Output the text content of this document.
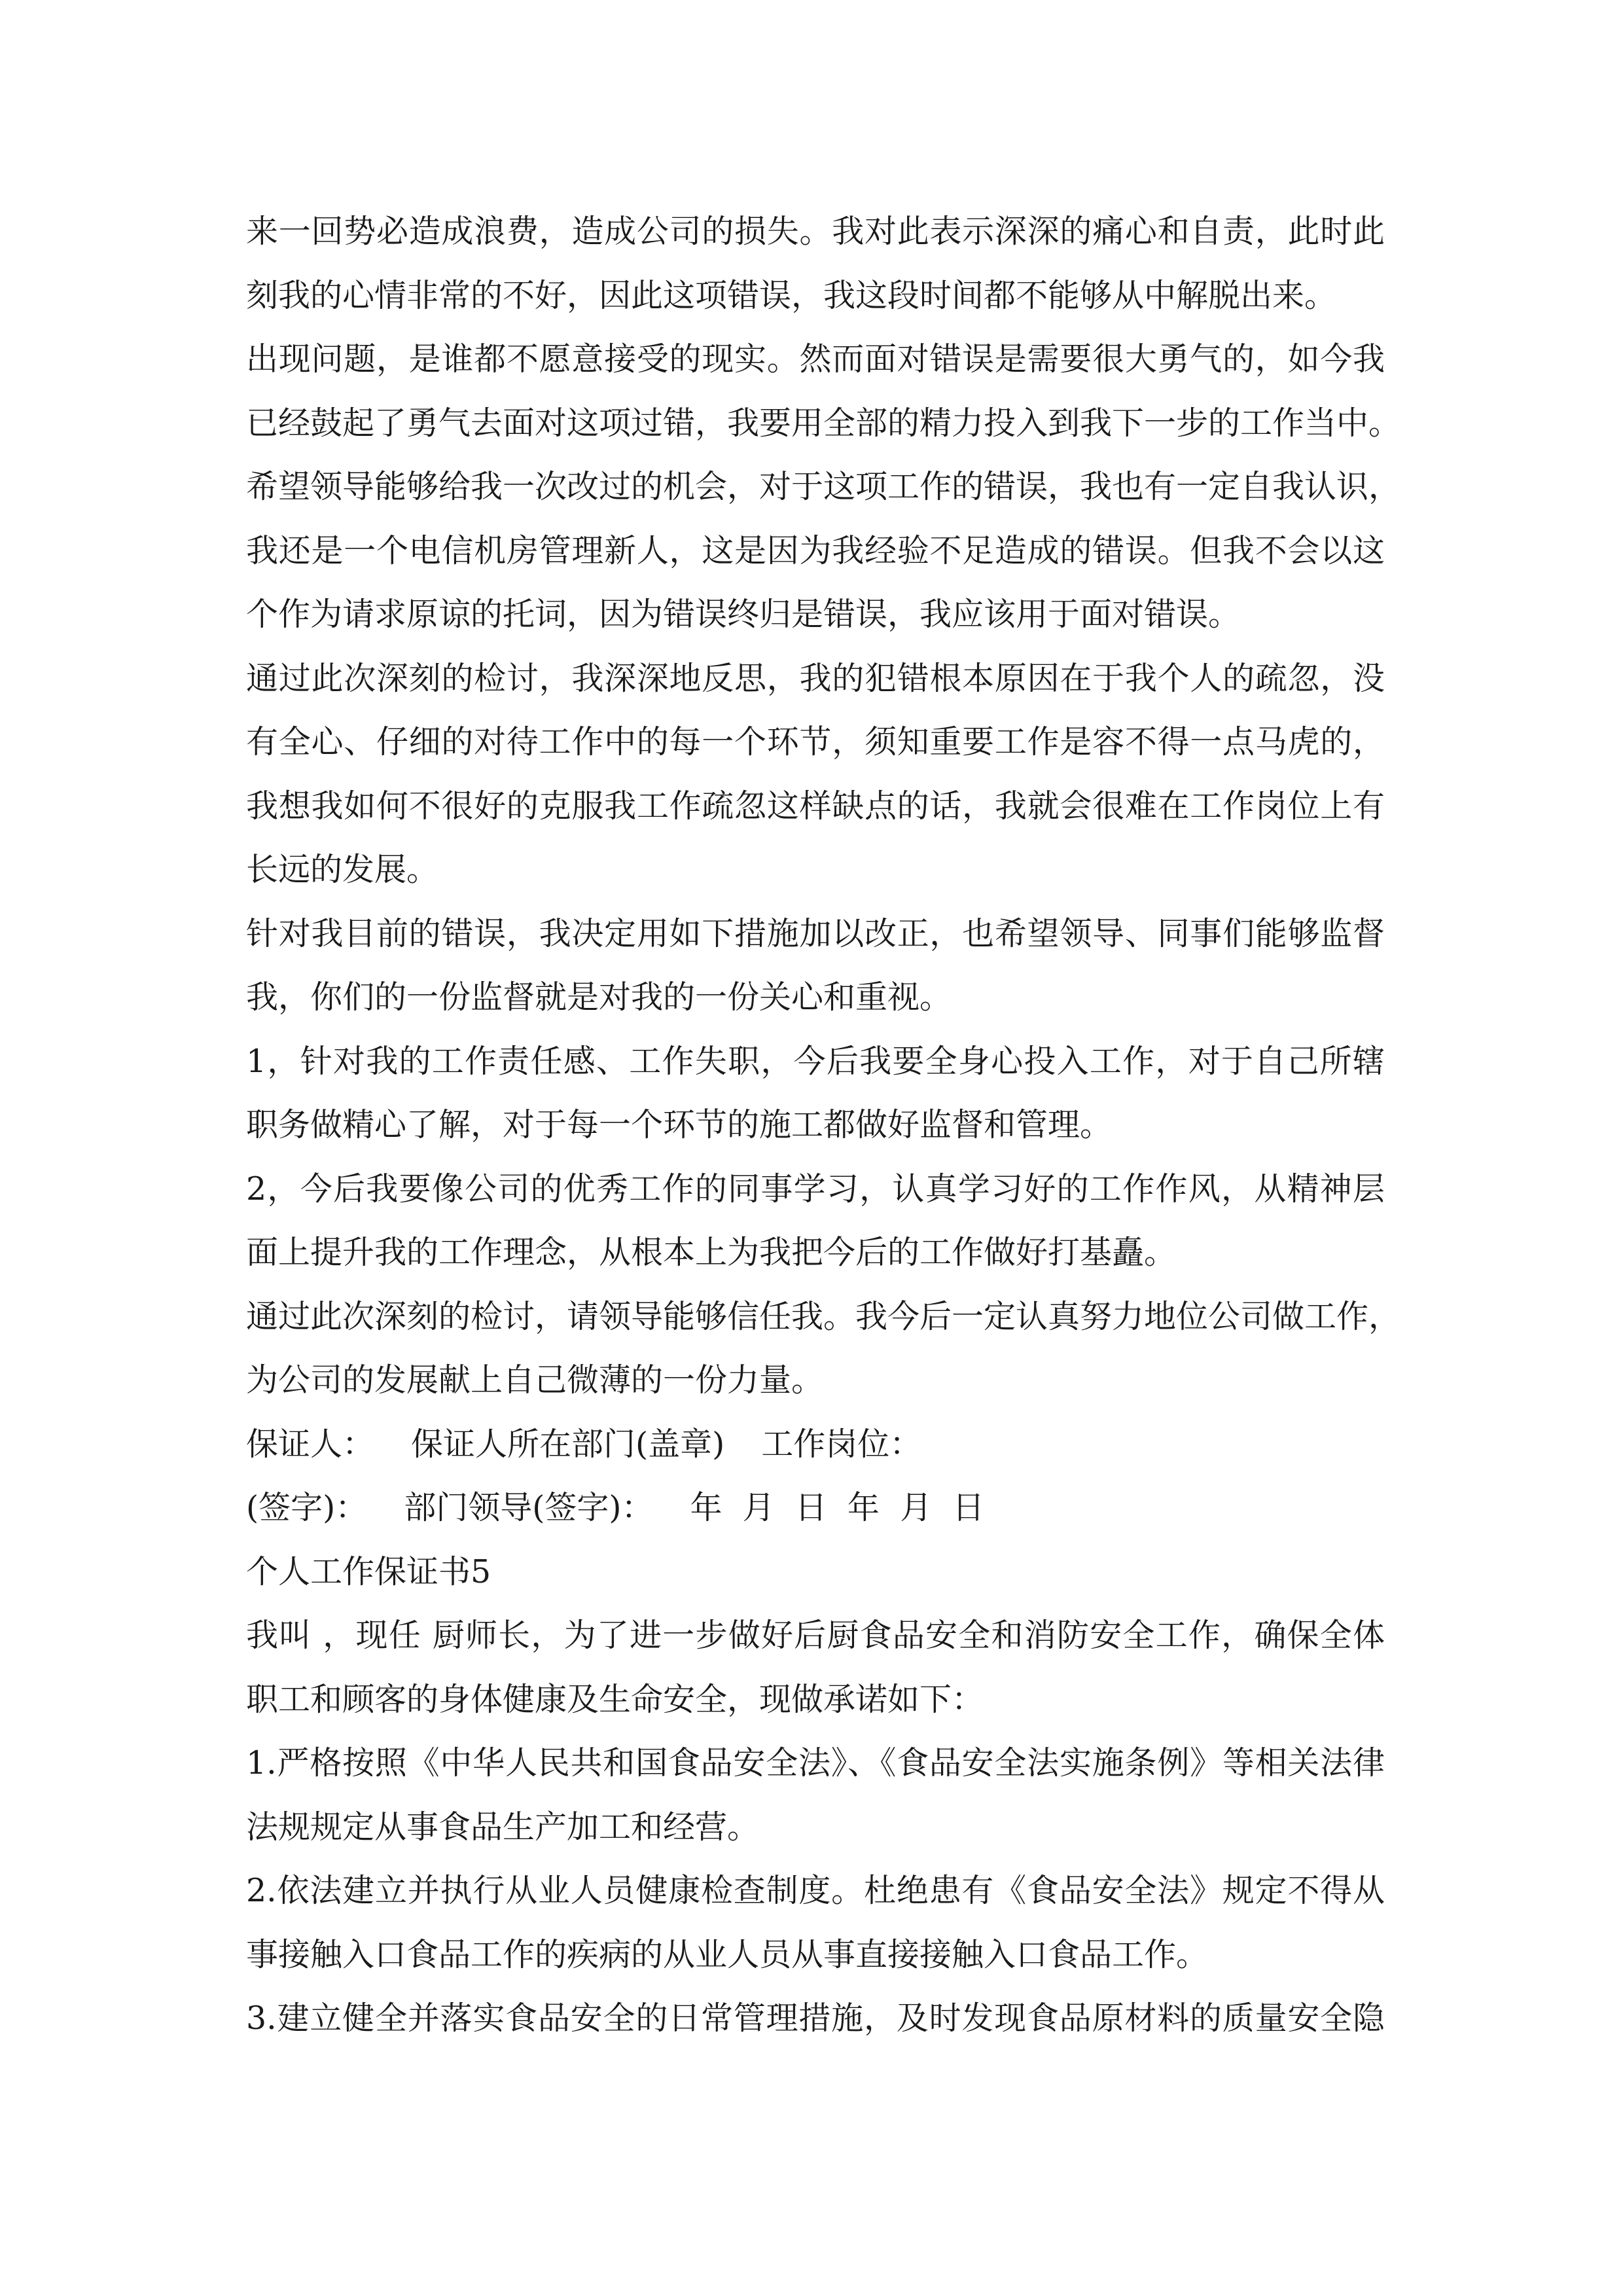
来一回势必造成浪费，造成公司的损失。我对此表示深深的痛心和自责，此时此
刻我的心情非常的不好，因此这项错误，我这段时间都不能够从中解脱出来。
出现问题，是谁都不愿意接受的现实。然而面对错误是需要很大勇气的，如今我
已经鼓起了勇气去面对这项过错，我要用全部的精力投入到我下一步的工作当中。
希望领导能够给我一次改过的机会，对于这项工作的错误，我也有一定自我认识，
我还是一个电信机房管理新人，这是因为我经验不足造成的错误。但我不会以这
个作为请求原谅的托词，因为错误终归是错误，我应该用于面对错误。
通过此次深刻的检讨，我深深地反思，我的犯错根本原因在于我个人的疏忽，没
有全心、仔细的对待工作中的每一个环节，须知重要工作是容不得一点马虎的，
我想我如何不很好的克服我工作疏忽这样缺点的话，我就会很难在工作岗位上有
长远的发展。
针对我目前的错误，我决定用如下措施加以改正，也希望领导、同事们能够监督
我，你们的一份监督就是对我的一份关心和重视。
1，针对我的工作责任感、工作失职，今后我要全身心投入工作，对于自己所辖
职务做精心了解，对于每一个环节的施工都做好监督和管理。
2，今后我要像公司的优秀工作的同事学习，认真学习好的工作作风，从精神层
面上提升我的工作理念，从根本上为我把今后的工作做好打基矗。
通过此次深刻的检讨，请领导能够信任我。我今后一定认真努力地位公司做工作，
为公司的发展献上自己微薄的一份力量。
保证人： 保证人所在部门(盖章) 工作岗位：
(签字)： 部门领导(签字)： 年  月  日  年  月  日
个人工作保证书5
我叫 ，现任 厨师长，为了进一步做好后厨食品安全和消防安全工作，确保全体
职工和顾客的身体健康及生命安全，现做承诺如下：
1.严格按照《中华人民共和国食品安全法》、《食品安全法实施条例》等相关法律
法规规定从事食品生产加工和经营。
2.依法建立并执行从业人员健康检查制度。杜绝患有《食品安全法》规定不得从
事接触入口食品工作的疾病的从业人员从事直接接触入口食品工作。
3.建立健全并落实食品安全的日常管理措施，及时发现食品原材料的质量安全隐
